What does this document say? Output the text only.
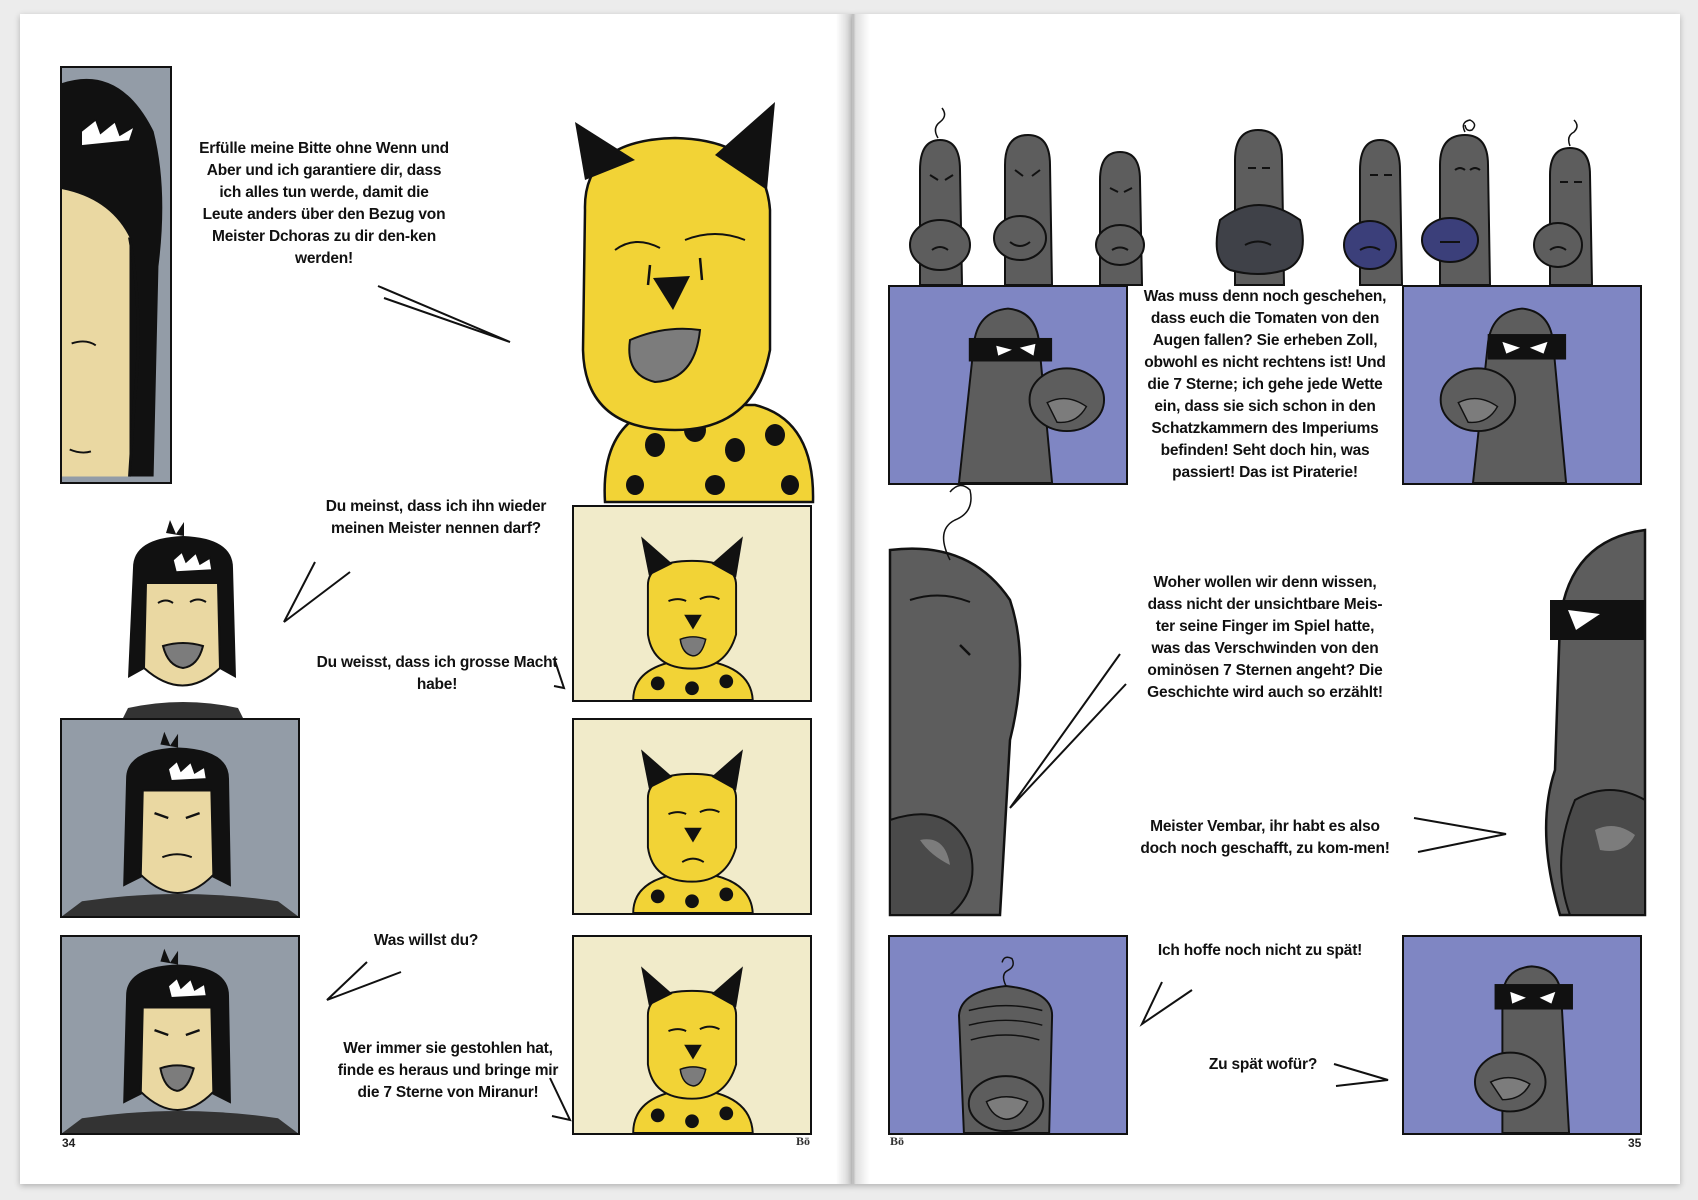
Erfülle meine Bitte ohne Wenn und Aber und ich garantiere dir, dass ich alles tun werde, damit die Leute anders über den Bezug von Meister Dchoras zu dir den-ken werden!
Du meinst, dass ich ihn wieder meinen Meister nennen darf?
Du weisst, dass ich grosse Macht habe!
Was willst du?
Wer immer sie gestohlen hat, finde es heraus und bringe mir die 7 Sterne von Miranur!
34	Bö
Was muss denn noch geschehen, dass euch die Tomaten von den Augen fallen? Sie erheben Zoll, obwohl es nicht rechtens ist! Und die 7 Sterne; ich gehe jede Wette ein, dass sie sich schon in den Schatzkammern des Imperiums befinden! Seht doch hin, was passiert! Das ist Piraterie!
Woher wollen wir denn wissen, dass nicht der unsichtbare Meis-ter seine Finger im Spiel hatte, was das Verschwinden von den ominösen 7 Sternen angeht? Die Geschichte wird auch so erzählt!
Meister Vembar, ihr habt es also doch noch geschafft, zu kom-men!
Ich hoffe noch nicht zu spät!
Zu spät wofür?
Bö	35
